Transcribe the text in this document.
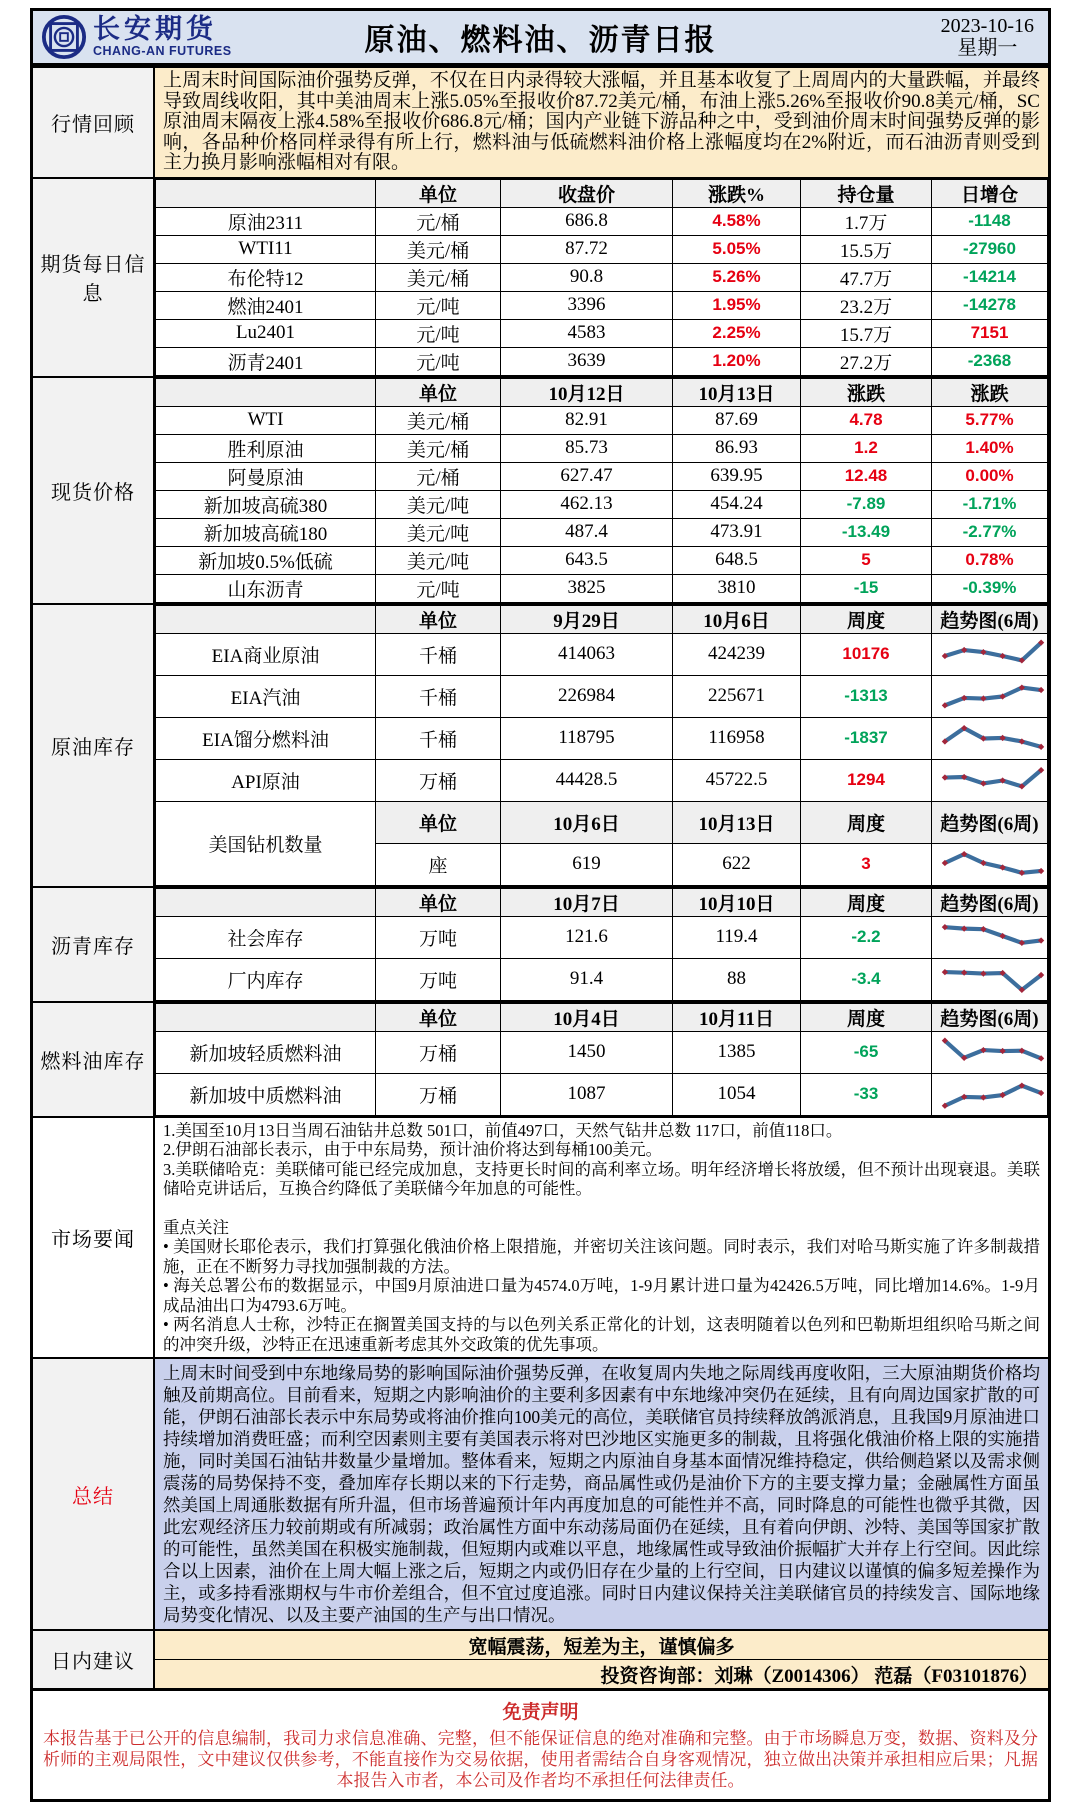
长安期货
CHANG-AN FUTURES	原油、燃料油、沥青日报	2023-10-16
星期一
行情回顾
上周末时间国际油价强势反弹，不仅在日内录得较大涨幅，并且基本收复了上周周内的大量跌幅，并最终导致周线收阳，其中美油周末上涨5.05%至报收价87.72美元/桶，布油上涨5.26%至报收价90.8美元/桶，SC原油周末隔夜上涨4.58%至报收价686.8元/桶；国内产业链下游品种之中，受到油价周末时间强势反弹的影响，各品种价格同样录得有所上行，燃料油与低硫燃料油价格上涨幅度均在2%附近，而石油沥青则受到主力换月影响涨幅相对有限。
期货每日信息
	单位	收盘价	涨跌%	持仓量	日增仓
原油2311	元/桶	686.8	4.58%	1.7万	-1148
WTI11	美元/桶	87.72	5.05%	15.5万	-27960
布伦特12	美元/桶	90.8	5.26%	47.7万	-14214
燃油2401	元/吨	3396	1.95%	23.2万	-14278
Lu2401	元/吨	4583	2.25%	15.7万	7151
沥青2401	元/吨	3639	1.20%	27.2万	-2368
现货价格
	单位	10月12日	10月13日	涨跌	涨跌
WTI	美元/桶	82.91	87.69	4.78	5.77%
胜利原油	美元/桶	85.73	86.93	1.2	1.40%
阿曼原油	元/桶	627.47	639.95	12.48	0.00%
新加坡高硫380	美元/吨	462.13	454.24	-7.89	-1.71%
新加坡高硫180	美元/吨	487.4	473.91	-13.49	-2.77%
新加坡0.5%低硫	美元/吨	643.5	648.5	5	0.78%
山东沥青	元/吨	3825	3810	-15	-0.39%
原油库存
	单位	9月29日	10月6日	周度	趋势图(6周)
EIA商业原油	千桶	414063	424239	10176	

EIA汽油	千桶	226984	225671	-1313	

EIA馏分燃料油	千桶	118795	116958	-1837	

API原油	万桶	44428.5	45722.5	1294	

美国钻机数量	单位	10月6日	10月13日	周度	趋势图(6周)
	座	619	622	3	
沥青库存
	单位	10月7日	10月10日	周度	趋势图(6周)
社会库存	万吨	121.6	119.4	-2.2	

厂内库存	万吨	91.4	88	-3.4	
燃料油库存
	单位	10月4日	10月11日	周度	趋势图(6周)
新加坡轻质燃料油	万桶	1450	1385	-65	

新加坡中质燃料油	万桶	1087	1054	-33	
市场要闻

1.美国至10月13日当周石油钻井总数 501口，前值497口，天然气钻井总数 117口，前值118口。

2.伊朗石油部长表示，由于中东局势，预计油价将达到每桶100美元。

3.美联储哈克：美联储可能已经完成加息，支持更长时间的高利率立场。明年经济增长将放缓，但不预计出现衰退。美联储哈克讲话后，互换合约降低了美联储今年加息的可能性。

重点关注

• 美国财长耶伦表示，我们打算强化俄油价格上限措施，并密切关注该问题。同时表示，我们对哈马斯实施了许多制裁措施，正在不断努力寻找加强制裁的方法。

• 海关总署公布的数据显示，中国9月原油进口量为4574.0万吨，1-9月累计进口量为42426.5万吨，同比增加14.6%。1-9月成品油出口为4793.6万吨。

• 两名消息人士称，沙特正在搁置美国支持的与以色列关系正常化的计划，这表明随着以色列和巴勒斯坦组织哈马斯之间的冲突升级，沙特正在迅速重新考虑其外交政策的优先事项。

总结
上周末时间受到中东地缘局势的影响国际油价强势反弹，在收复周内失地之际周线再度收阳，三大原油期货价格均触及前期高位。目前看来，短期之内影响油价的主要利多因素有中东地缘冲突仍在延续，且有向周边国家扩散的可能，伊朗石油部长表示中东局势或将油价推向100美元的高位，美联储官员持续释放鸽派消息，且我国9月原油进口持续增加消费旺盛；而利空因素则主要有美国表示将对巴沙地区实施更多的制裁，且将强化俄油价格上限的实施措施，同时美国石油钻井数量少量增加。整体看来，短期之内原油自身基本面情况维持稳定，供给侧趋紧以及需求侧震荡的局势保持不变，叠加库存长期以来的下行走势，商品属性或仍是油价下方的主要支撑力量；金融属性方面虽然美国上周通胀数据有所升温，但市场普遍预计年内再度加息的可能性并不高，同时降息的可能性也微乎其微，因此宏观经济压力较前期或有所减弱；政治属性方面中东动荡局面仍在延续，且有着向伊朗、沙特、美国等国家扩散的可能性，虽然美国在积极实施制裁，但短期内或难以平息，地缘属性或导致油价振幅扩大并存上行空间。因此综合以上因素，油价在上周大幅上涨之后，短期之内或仍旧存在少量的上行空间，日内建议以谨慎的偏多短差操作为主，或多持看涨期权与牛市价差组合，但不宜过度追涨。同时日内建议保持关注美联储官员的持续发言、国际地缘局势变化情况、以及主要产油国的生产与出口情况。
日内建议
宽幅震荡，短差为主，谨慎偏多
投资咨询部：刘琳（Z0014306） 范磊（F03101876）
免责声明
本报告基于已公开的信息编制，我司力求信息准确、完整，但不能保证信息的绝对准确和完整。由于市场瞬息万变，数据、资料及分析师的主观局限性，文中建议仅供参考，不能直接作为交易依据，使用者需结合自身客观情况，独立做出决策并承担相应后果；凡据本报告入市者，本公司及作者均不承担任何法律责任。
